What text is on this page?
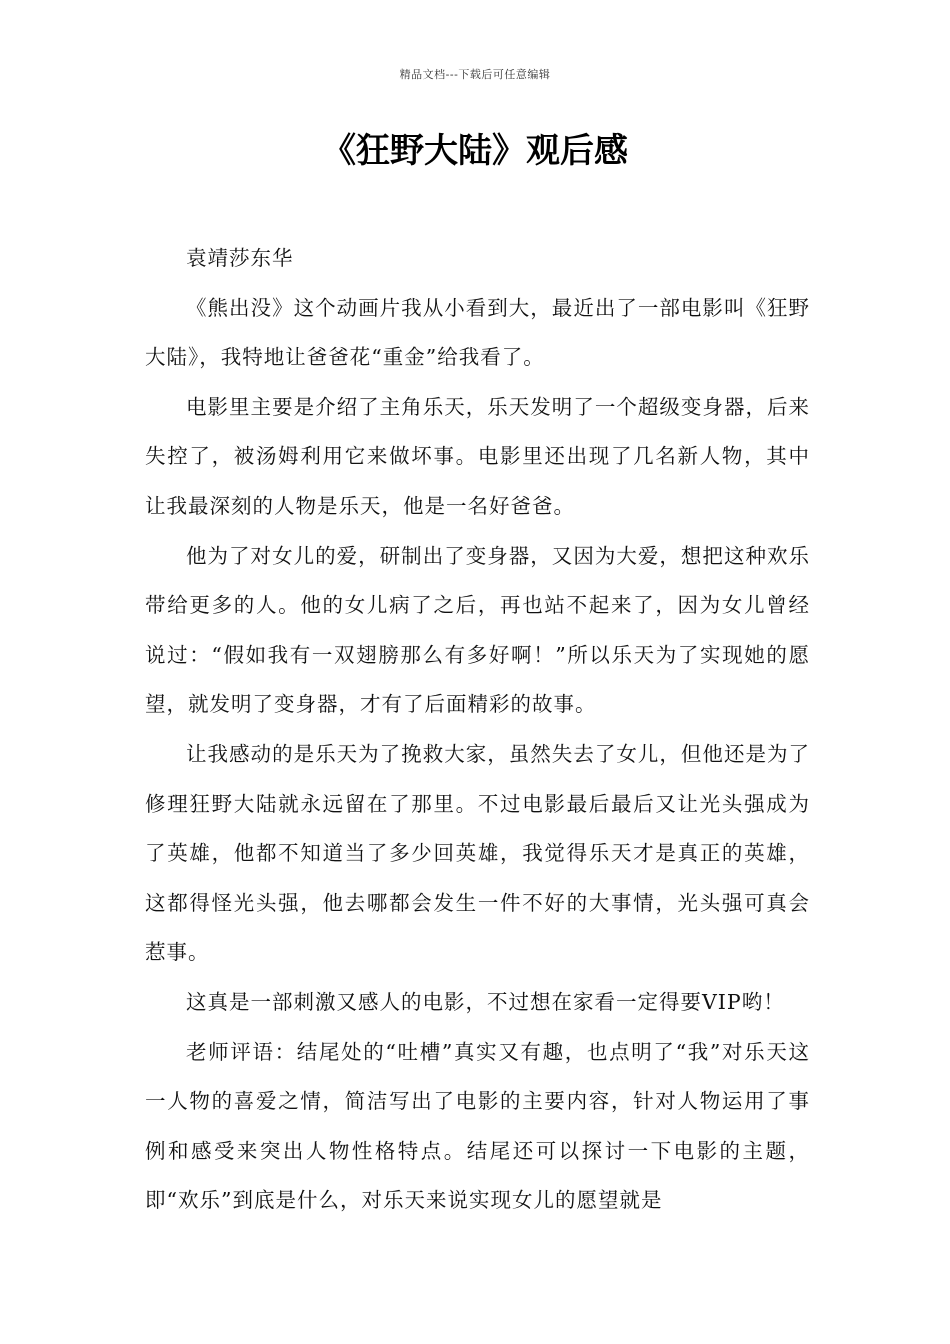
精品文档---下载后可任意编辑
《狂野大陆》观后感

袁靖莎东华

《熊出没》这个动画片我从小看到大，最近出了一部电影叫《狂野大陆》，我特地让爸爸花“重金”给我看了。

电影里主要是介绍了主角乐天，乐天发明了一个超级变身器，后来失控了，被汤姆利用它来做坏事。电影里还出现了几名新人物，其中让我最深刻的人物是乐天，他是一名好爸爸。

他为了对女儿的爱，研制出了变身器，又因为大爱，想把这种欢乐带给更多的人。他的女儿病了之后，再也站不起来了，因为女儿曾经说过：“假如我有一双翅膀那么有多好啊！”所以乐天为了实现她的愿望，就发明了变身器，才有了后面精彩的故事。

让我感动的是乐天为了挽救大家，虽然失去了女儿，但他还是为了修理狂野大陆就永远留在了那里。不过电影最后最后又让光头强成为了英雄，他都不知道当了多少回英雄，我觉得乐天才是真正的英雄，这都得怪光头强，他去哪都会发生一件不好的大事情，光头强可真会惹事。

这真是一部刺激又感人的电影，不过想在家看一定得要VIP哟！

老师评语：结尾处的“吐槽”真实又有趣，也点明了“我”对乐天这一人物的喜爱之情，简洁写出了电影的主要内容，针对人物运用了事例和感受来突出人物性格特点。结尾还可以探讨一下电影的主题，即“欢乐”到底是什么，对乐天来说实现女儿的愿望就是
